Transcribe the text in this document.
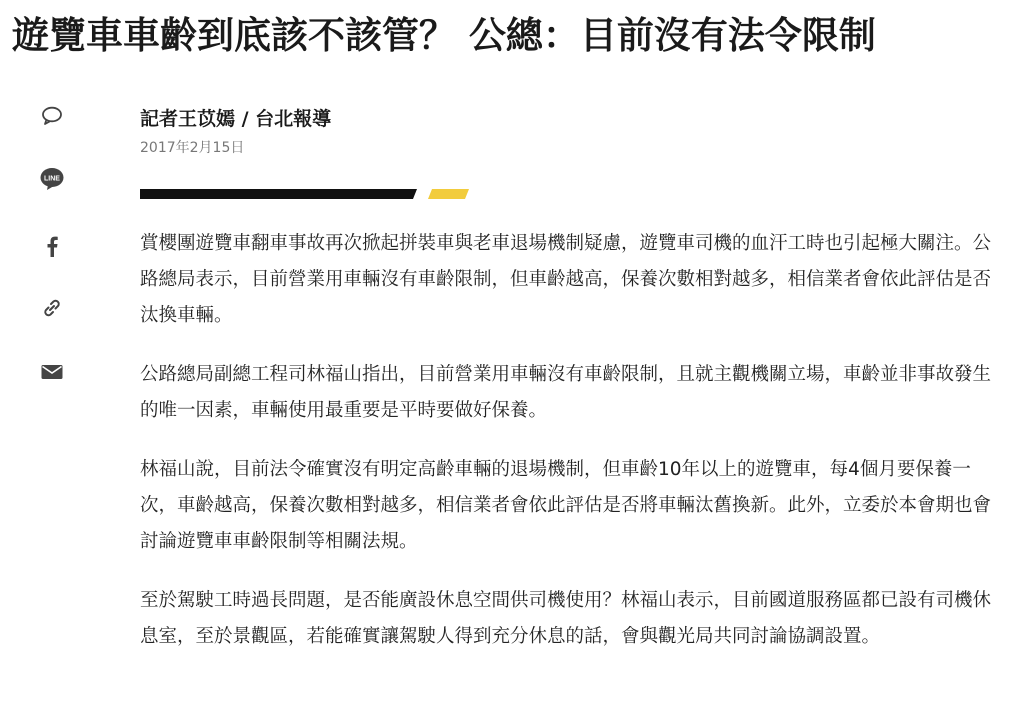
遊覽車車齡到底該不該管？ 公總：目前沒有法令限制
LINE
記者王苡嫣 / 台北報導
2017年2月15日

賞櫻團遊覽車翻車事故再次掀起拼裝車與老車退場機制疑慮，遊覽車司機的血汗工時也引起極大關注。公路總局表示，目前營業用車輛沒有車齡限制，但車齡越高，保養次數相對越多，相信業者會依此評估是否汰換車輛。

公路總局副總工程司林福山指出，目前營業用車輛沒有車齡限制，且就主觀機關立場，車齡並非事故發生的唯一因素，車輛使用最重要是平時要做好保養。

林福山說，目前法令確實沒有明定高齡車輛的退場機制，但車齡10年以上的遊覽車，每4個月要保養一次，車齡越高，保養次數相對越多，相信業者會依此評估是否將車輛汰舊換新。此外，立委於本會期也會討論遊覽車車齡限制等相關法規。

至於駕駛工時過長問題，是否能廣設休息空間供司機使用？林福山表示，目前國道服務區都已設有司機休息室，至於景觀區，若能確實讓駕駛人得到充分休息的話，會與觀光局共同討論協調設置。
